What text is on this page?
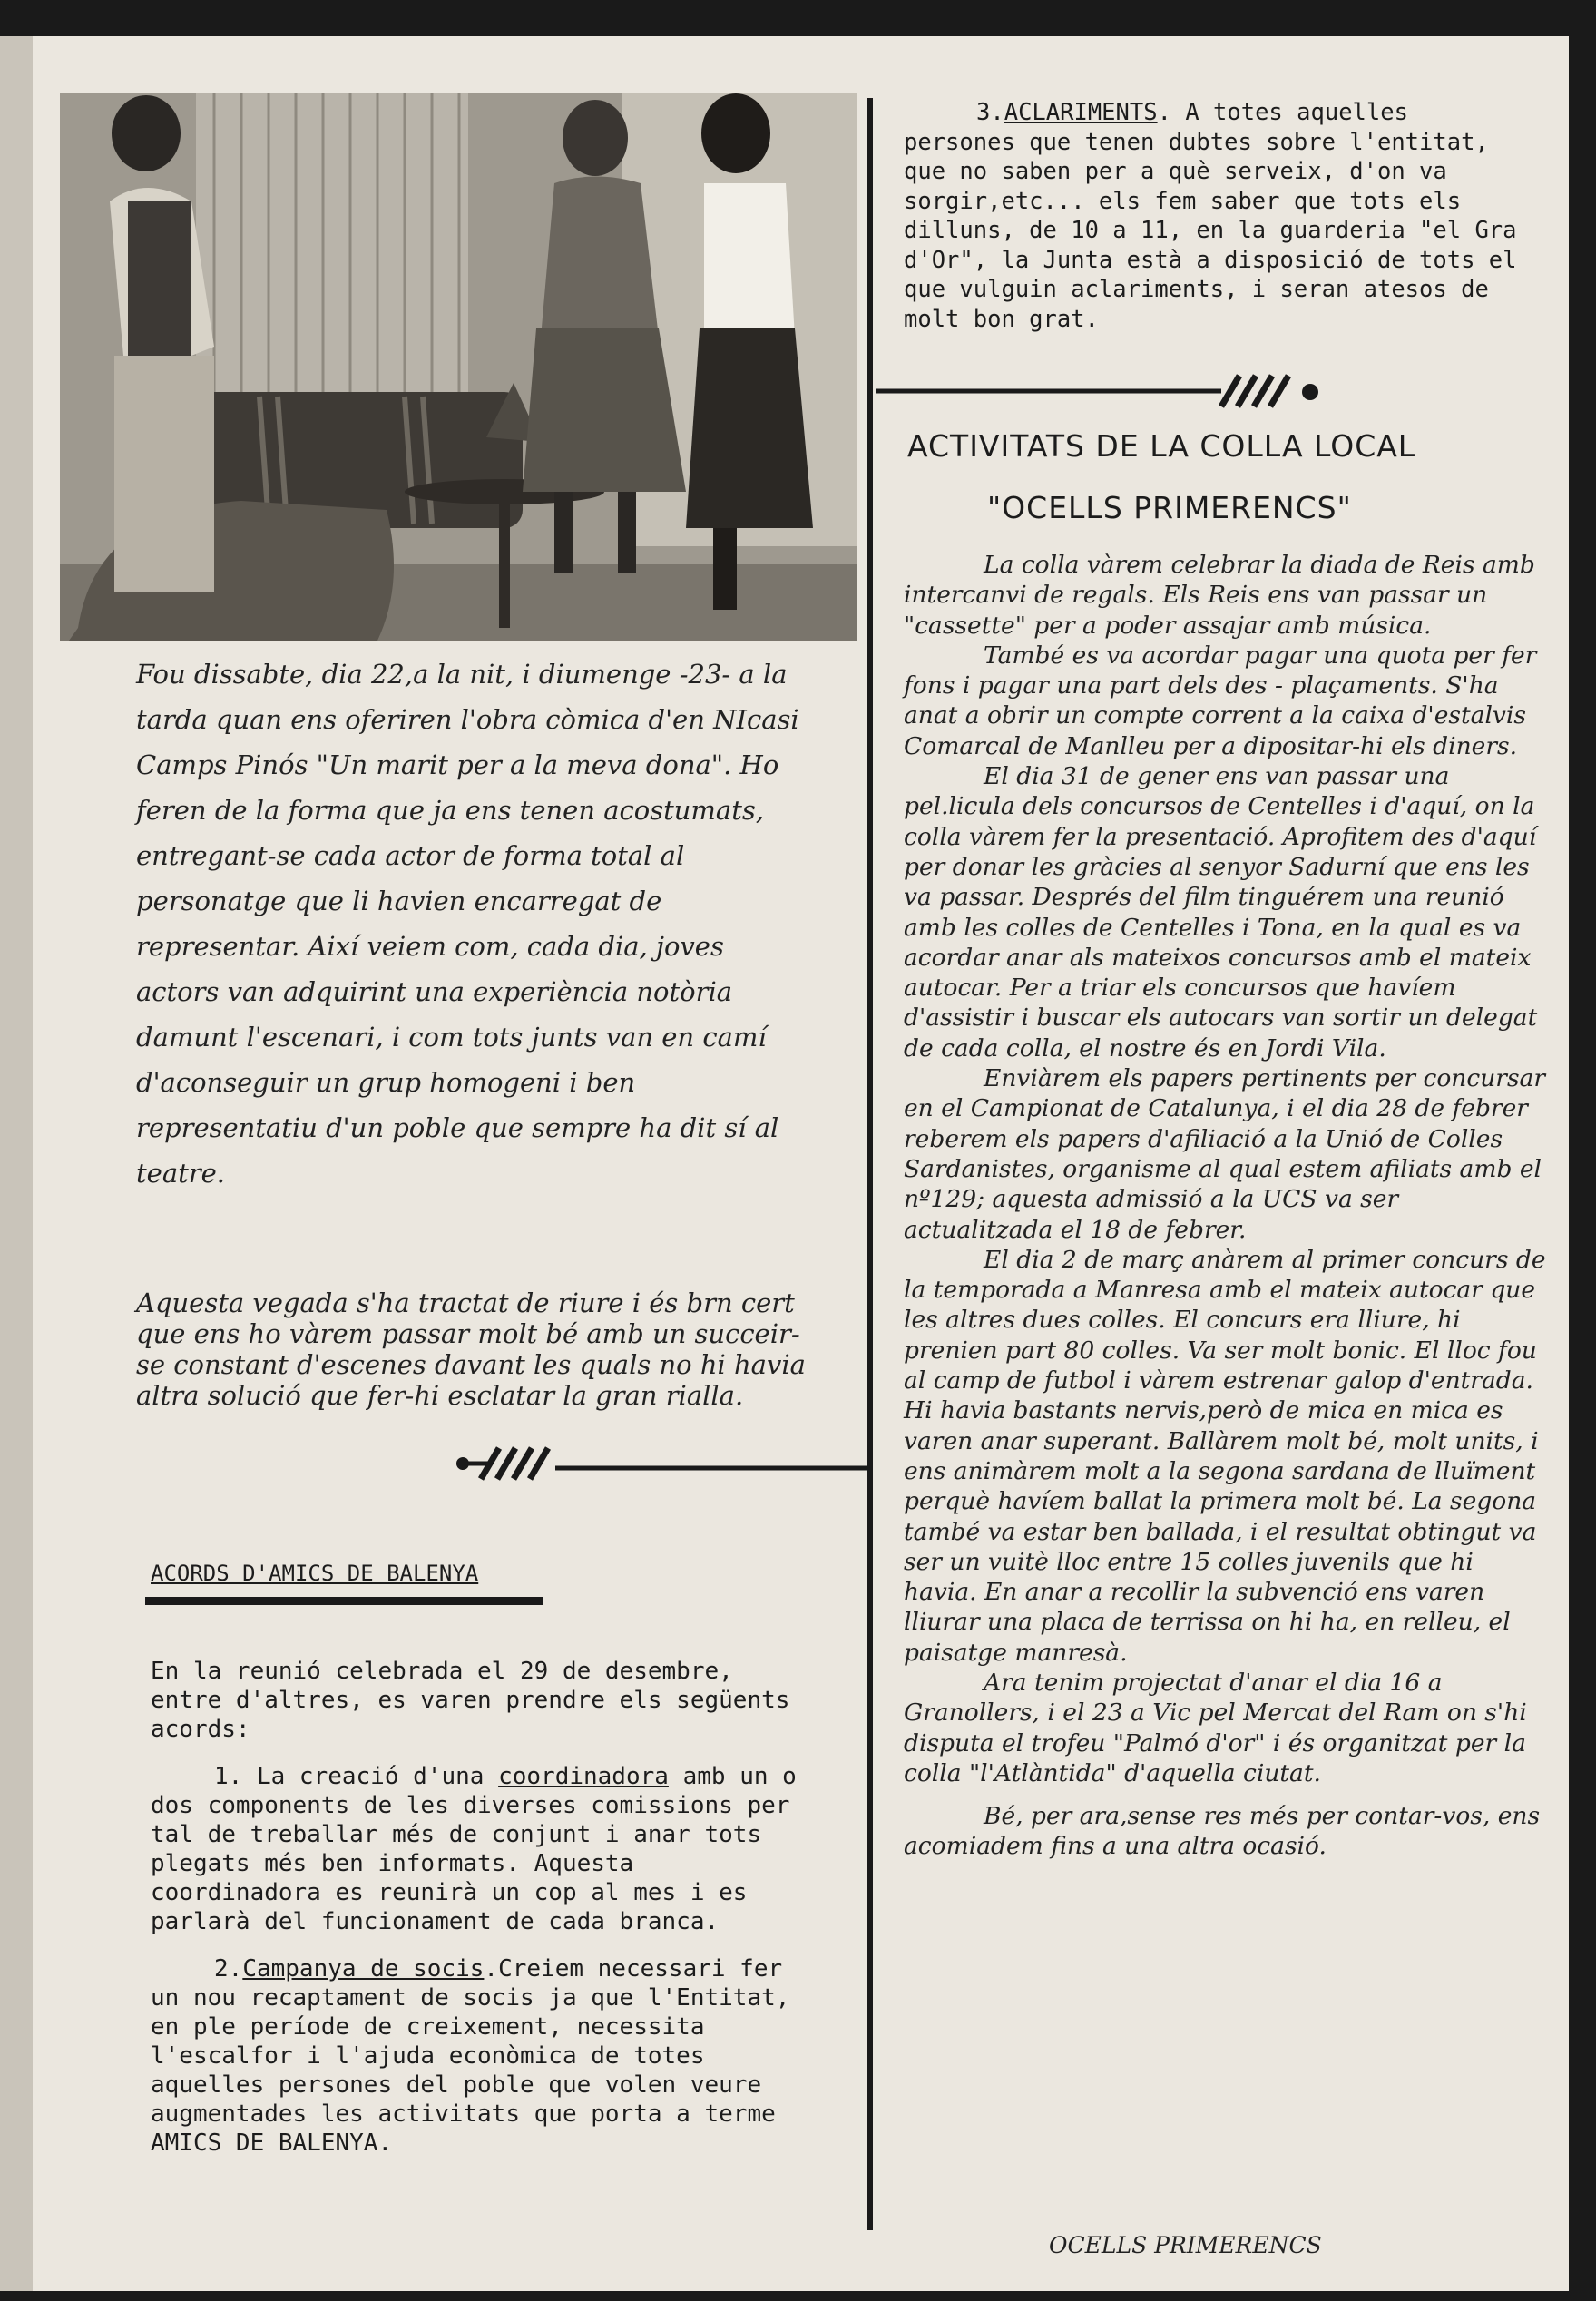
Fou dissabte, dia 22,a la nit, i diumenge -23- a la tarda quan ens oferiren l'obra còmica d'en NIcasi Camps Pinós "Un marit per a la meva dona". Ho feren de la forma que ja ens tenen acostumats, entregant-se cada actor de forma total al personatge que li havien encarregat de representar. Així veiem com, cada dia, joves actors van adquirint una experiència notòria damunt l'escenari, i com tots junts van en camí d'aconseguir un grup homogeni i ben representatiu d'un poble que sempre ha dit sí al teatre.

Aquesta vegada s'ha tractat de riure i és brn cert que ens ho vàrem passar molt bé amb un succeir-se constant d'escenes davant les quals no hi havia altra solució que fer-hi esclatar la gran rialla.

ACORDS D'AMICS DE BALENYA

En la reunió celebrada el 29 de desembre, entre d'altres, es varen prendre els següents acords:

1. La creació d'una coordinadora amb un o dos components de les diverses comissions per tal de treballar més de conjunt i anar tots plegats més ben informats. Aquesta coordinadora es reunirà un cop al mes i es parlarà del funcionament de cada branca.

2.Campanya de socis.Creiem necessari fer un nou recaptament de socis ja que l'Entitat, en ple període de creixement, necessita l'escalfor i l'ajuda econòmica de totes aquelles persones del poble que volen veure augmentades les activitats que porta a terme AMICS DE BALENYA.

3.ACLARIMENTS. A totes aquelles persones que tenen dubtes sobre l'entitat, que no saben per a què serveix, d'on va sorgir,etc... els fem saber que tots els dilluns, de 10 a 11, en la guarderia "el Gra d'Or", la Junta està a disposició de tots el que vulguin aclariments, i seran atesos de molt bon grat.
ACTIVITATS DE LA COLLA LOCAL
"OCELLS PRIMERENCS"

La colla vàrem celebrar la diada de Reis amb intercanvi de regals. Els Reis ens van passar un "cassette" per a poder assajar amb música.

També es va acordar pagar una quota per fer fons i pagar una part dels des - plaçaments. S'ha anat a obrir un compte corrent a la caixa d'estalvis Comarcal de Manlleu per a dipositar-hi els diners.

El dia 31 de gener ens van passar una pel.licula dels concursos de Centelles i d'aquí, on la colla vàrem fer la presentació. Aprofitem des d'aquí per donar les gràcies al senyor Sadurní que ens les va passar. Després del film tinguérem una reunió amb les colles de Centelles i Tona, en la qual es va acordar anar als mateixos concursos amb el mateix autocar. Per a triar els concursos que havíem d'assistir i buscar els autocars van sortir un delegat de cada colla, el nostre és en Jordi Vila.

Enviàrem els papers pertinents per concursar en el Campionat de Catalunya, i el dia 28 de febrer reberem els papers d'afiliació a la Unió de Colles Sardanistes, organisme al qual estem afiliats amb el nº129; aquesta admissió a la UCS va ser actualitzada el 18 de febrer.

El dia 2 de març anàrem al primer concurs de la temporada a Manresa amb el mateix autocar que les altres dues colles. El concurs era lliure, hi prenien part 80 colles. Va ser molt bonic. El lloc fou al camp de futbol i vàrem estrenar galop d'entrada. Hi havia bastants nervis,però de mica en mica es varen anar superant. Ballàrem molt bé, molt units, i ens animàrem molt a la segona sardana de lluïment perquè havíem ballat la primera molt bé. La segona també va estar ben ballada, i el resultat obtingut va ser un vuitè lloc entre 15 colles juvenils que hi havia. En anar a recollir la subvenció ens varen lliurar una placa de terrissa on hi ha, en relleu, el paisatge manresà.

Ara tenim projectat d'anar el dia 16 a Granollers, i el 23 a Vic pel Mercat del Ram on s'hi disputa el trofeu "Palmó d'or" i és organitzat per la colla "l'Atlàntida" d'aquella ciutat.

Bé, per ara,sense res més per contar-vos, ens acomiadem fins a una altra ocasió.

OCELLS PRIMERENCS
